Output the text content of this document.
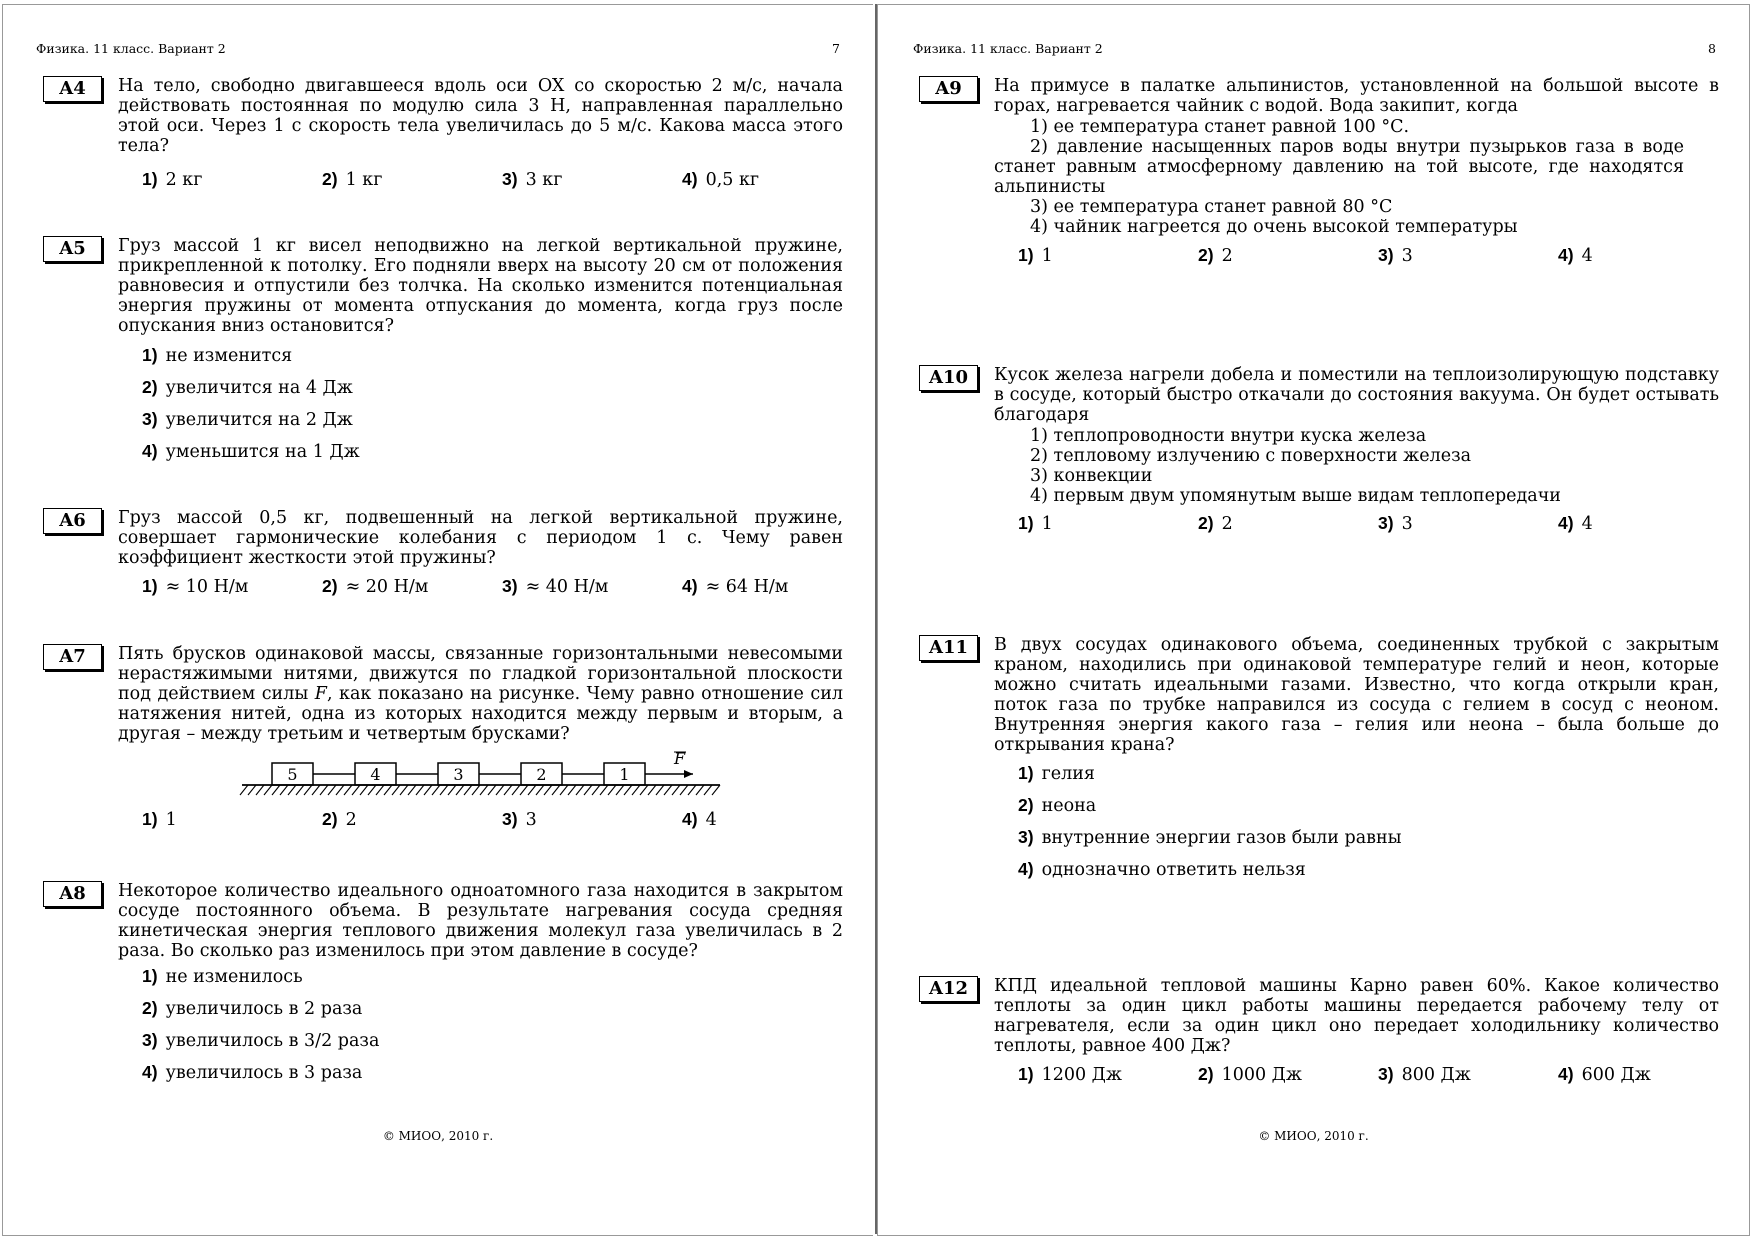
Физика. 11 класс. Вариант 2	7
A4	На тело, свободно двигавшееся вдоль оси OX со скоростью 2 м/с, начала действовать постоянная по модулю сила 3 Н, направленная параллельно этой оси. Через 1 с скорость тела увеличилась до 5 м/с. Какова масса этого тела?
1) 2 кг	2) 1 кг	3) 3 кг	4) 0,5 кг
A5	Груз массой 1 кг висел неподвижно на легкой вертикальной пружине, прикрепленной к потолку. Его подняли вверх на высоту 20 см от положения равновесия и отпустили без толчка. На сколько изменится потенциальная энергия пружины от момента отпускания до момента, когда груз после опускания вниз остановится?
1) не изменится
2) увеличится на 4 Дж
3) увеличится на 2 Дж
4) уменьшится на 1 Дж
A6	Груз массой 0,5 кг, подвешенный на легкой вертикальной пружине, совершает гармонические колебания с периодом 1 с. Чему равен коэффициент жесткости этой пружины?
1) ≈ 10 Н/м	2) ≈ 20 Н/м	3) ≈ 40 Н/м	4) ≈ 64 Н/м
A7	Пять брусков одинаковой массы, связанные горизонтальными невесомыми нерастяжимыми нитями, движутся по гладкой горизонтальной плоскости под действием силы F, как показано на рисунке. Чему равно отношение сил натяжения нитей, одна из которых находится между первым и вторым, а другая – между третьим и четвертым брусками?
5	4	3	2	1
F
1) 1	2) 2	3) 3	4) 4
A8	Некоторое количество идеального одноатомного газа находится в закрытом сосуде постоянного объема. В результате нагревания сосуда средняя кинетическая энергия теплового движения молекул газа увеличилась в 2 раза. Во сколько раз изменилось при этом давление в сосуде?
1) не изменилось
2) увеличилось в 2 раза
3) увеличилось в 3/2 раза
4) увеличилось в 3 раза
© МИОО, 2010 г.
Физика. 11 класс. Вариант 2	8
A9	На примусе в палатке альпинистов, установленной на большой высоте в горах, нагревается чайник с водой. Вода закипит, когда
1) ее температура станет равной 100 °С.
2) давление насыщенных паров воды внутри пузырьков газа в воде станет равным атмосферному давлению на той высоте, где находятся альпинисты
3) ее температура станет равной 80 °С
4) чайник нагреется до очень высокой температуры
1) 1	2) 2	3) 3	4) 4
A10	Кусок железа нагрели добела и поместили на теплоизолирующую подставку в сосуде, который быстро откачали до состояния вакуума. Он будет остывать благодаря
1) теплопроводности внутри куска железа
2) тепловому излучению с поверхности железа
3) конвекции
4) первым двум упомянутым выше видам теплопередачи
1) 1	2) 2	3) 3	4) 4
A11	В двух сосудах одинакового объема, соединенных трубкой с закрытым краном, находились при одинаковой температуре гелий и неон, которые можно считать идеальными газами. Известно, что когда открыли кран, поток газа по трубке направился из сосуда с гелием в сосуд с неоном. Внутренняя энергия какого газа – гелия или неона – была больше до открывания крана?
1) гелия
2) неона
3) внутренние энергии газов были равны
4) однозначно ответить нельзя
A12	КПД идеальной тепловой машины Карно равен 60%. Какое количество теплоты за один цикл работы машины передается рабочему телу от нагревателя, если за один цикл оно передает холодильнику количество теплоты, равное 400 Дж?
1) 1200 Дж	2) 1000 Дж	3) 800 Дж	4) 600 Дж
© МИОО, 2010 г.
